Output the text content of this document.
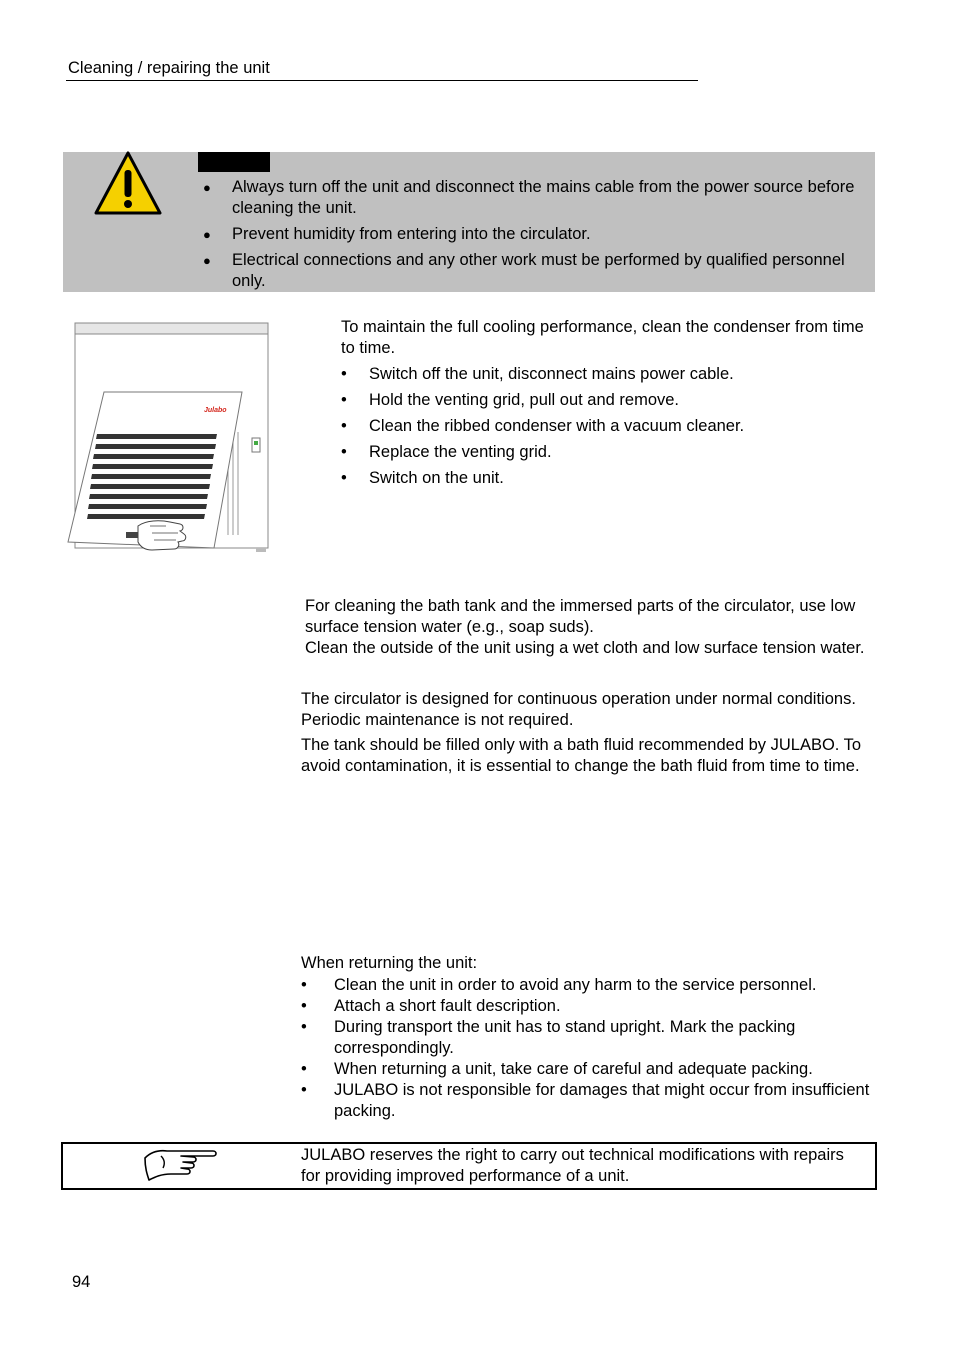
Cleaning / repairing the unit
● Always turn off the unit and disconnect the mains cable from the power source before cleaning the unit.
● Prevent humidity from entering into the circulator.
● Electrical connections and any other work must be performed by qualified personnel only.
Julabo

To maintain the full cooling performance, clean the condenser from time to time.

• Switch off the unit, disconnect mains power cable.
• Hold the venting grid, pull out and remove.
• Clean the ribbed condenser with a vacuum cleaner.
• Replace the venting grid.
• Switch on the unit.

For cleaning the bath tank and the immersed parts of the circulator, use low surface tension water (e.g., soap suds).

Clean the outside of the unit using a wet cloth and low surface tension water.

The circulator is designed for continuous operation under normal conditions. Periodic maintenance is not required.

The tank should be filled only with a bath fluid recommended by JULABO. To avoid contamination, it is essential to change the bath fluid from time to time.

When returning the unit:

• Clean the unit in order to avoid any harm to the service personnel.
• Attach a short fault description.
• During transport the unit has to stand upright. Mark the packing correspondingly.
• When returning a unit, take care of careful and adequate packing.
• JULABO is not responsible for damages that might occur from insufficient packing.
JULABO reserves the right to carry out technical modifications with repairs for providing improved performance of a unit.
94
